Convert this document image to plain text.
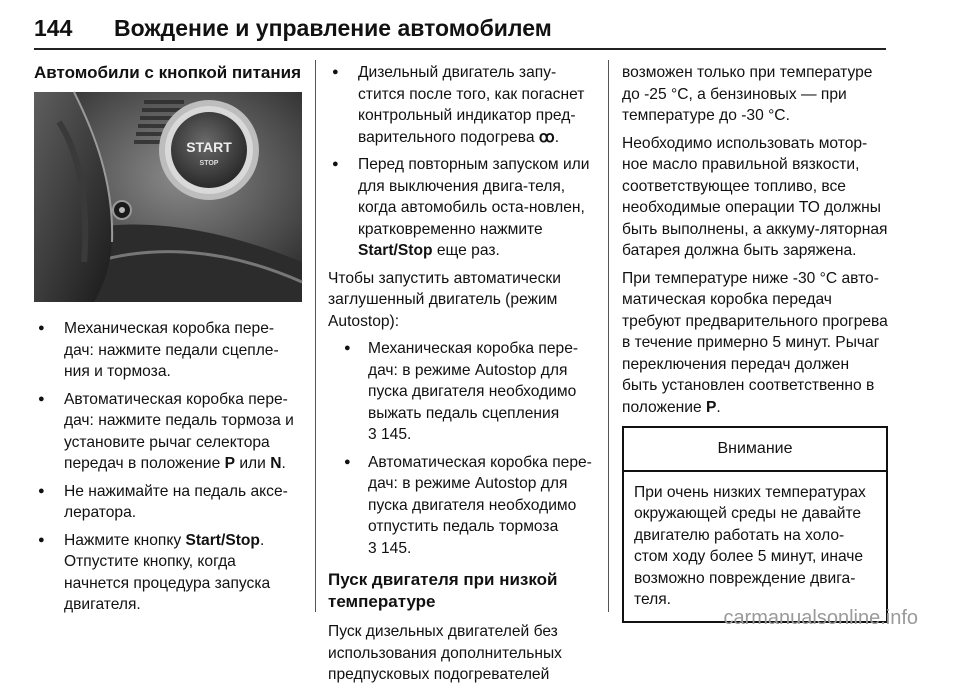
144	Вождение и управление автомобилем
Автомобили с кнопкой питания
START
STOP
● Механическая коробка пере-дач: нажмите педали сцепле-ния и тормоза.
● Автоматическая коробка пере-дач: нажмите педаль тормоза и установите рычаг селектора передач в положение P или N.
● Не нажимайте на педаль аксе-лератора.
● Нажмите кнопку Start/Stop. Отпустите кнопку, когда начнется процедура запуска двигателя.
● Дизельный двигатель запу-стится после того, как погаснет контрольный индикатор пред-варительного подогрева ꝏ.
● Перед повторным запуском или для выключения двига-теля, когда автомобиль оста-новлен, кратковременно нажмите Start/Stop еще раз.

Чтобы запустить автоматически заглушенный двигатель (режим Autostop):

● Механическая коробка пере-дач: в режиме Autostop для пуска двигателя необходимо выжать педаль сцепления
3 145.
● Автоматическая коробка пере-дач: в режиме Autostop для пуска двигателя необходимо отпустить педаль тормоза
3 145.
Пуск двигателя при низкой температуре

Пуск дизельных двигателей без использования дополнительных предпусковых подогревателей

возможен только при температуре до -25 °C, а бензиновых — при температуре до -30 °C.

Необходимо использовать мотор-ное масло правильной вязкости, соответствующее топливо, все необходимые операции ТО должны быть выполнены, а аккуму-ляторная батарея должна быть заряжена.

При температуре ниже -30 °C авто-матическая коробка передач требуют предварительного прогрева в течение примерно 5 минут. Рычаг переключения передач должен быть установлен соответственно в положение P.

Внимание
При очень низких температурах окружающей среды не давайте двигателю работать на холо-стом ходу более 5 минут, иначе возможно повреждение двига-теля.
carmanualsonline.info
